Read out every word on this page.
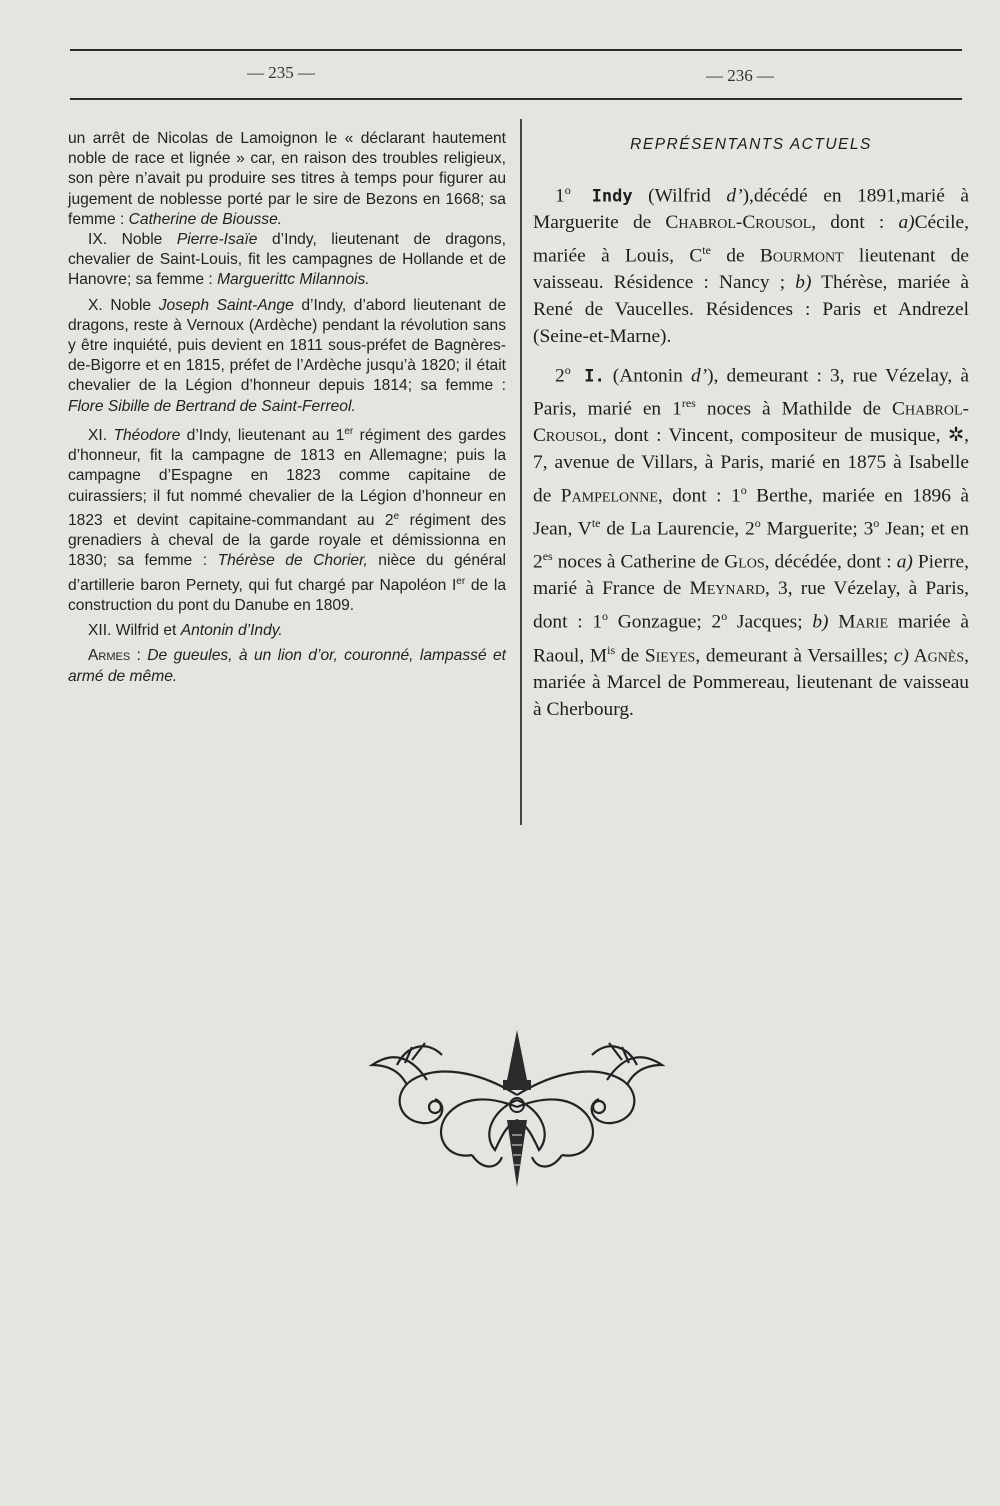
— 235 —	— 236 —

un arrêt de Nicolas de Lamoignon le « déclarant hautement noble de race et lignée » car, en raison des troubles religieux, son père n’avait pu produire ses titres à temps pour figurer au jugement de noblesse porté par le sire de Bezons en 1668; sa femme : Catherine de Biousse.

IX. Noble Pierre-Isaïe d’Indy, lieutenant de dragons, chevalier de Saint-Louis, fit les campagnes de Hollande et de Hanovre; sa femme : Marguerittc Milannois.

X. Noble Joseph Saint-Ange d’Indy, d’abord lieutenant de dragons, reste à Vernoux (Ardèche) pendant la révolution sans y être inquiété, puis devient en 1811 sous-préfet de Bagnères-de-Bigorre et en 1815, préfet de l’Ardèche jusqu’à 1820; il était chevalier de la Légion d’honneur depuis 1814; sa femme : Flore Sibille de Bertrand de Saint-Ferreol.

XI. Théodore d’Indy, lieutenant au 1er régiment des gardes d’honneur, fit la campagne de 1813 en Allemagne; puis la campagne d’Espagne en 1823 comme capitaine de cuirassiers; il fut nommé chevalier de la Légion d’honneur en 1823 et devint capitaine-commandant au 2e régiment des grenadiers à cheval de la garde royale et démissionna en 1830; sa femme : Thérèse de Chorier, nièce du général d’artillerie baron Pernety, qui fut chargé par Napoléon Ier de la construction du pont du Danube en 1809.

XII. Wilfrid et Antonin d’Indy.

Armes : De gueules, à un lion d’or, couronné, lampassé et armé de même.

REPRÉSENTANTS ACTUELS

1$^o$ Indy (Wilfrid d’),décédé en 1891,marié à Marguerite de Chabrol-Crousol, dont : a)Cécile, mariée à Louis, $C^{te}$ de Bourmont lieutenant de vaisseau. Résidence : Nancy ; b) Thérèse, mariée à René de Vaucelles. Résidences : Paris et Andrezel (Seine-et-Marne).

2$^o$ I. (Antonin d’), demeurant : 3, rue Vézelay, à Paris, marié en 1res noces à Mathilde de Chabrol-Crousol, dont : Vincent, compositeur de musique, ✲, 7, avenue de Villars, à Paris, marié en 1875 à Isabelle de Pampelonne, dont : 1$^o$ Berthe, mariée en 1896 à Jean, $V^{te}$ de La Laurencie, 2$^o$ Marguerite; 3$^o$ Jean; et en $2^{es}$ noces à Catherine de Glos, décédée, dont : a) Pierre, marié à France de Meynard, 3, rue Vézelay, à Paris, dont : 1$^o$ Gonzague; 2$^o$ Jacques; b) Marie mariée à Raoul, $M^{is}$ de Sieyes, demeurant à Versailles; c) Agnès, mariée à Marcel de Pommereau, lieutenant de vaisseau à Cherbourg.
